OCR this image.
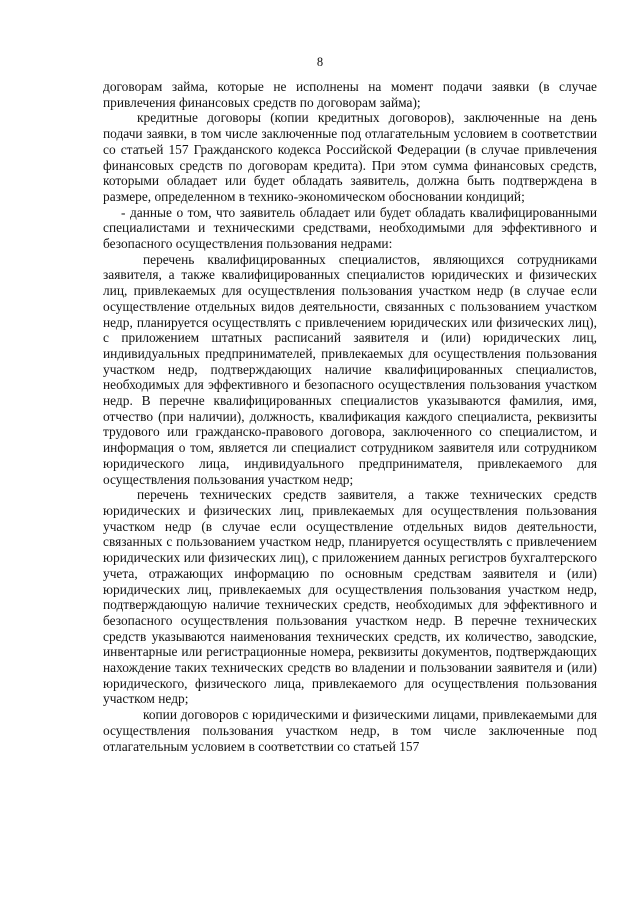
8

договорам займа, которые не исполнены на момент подачи заявки (в случае привлечения финансовых средств по договорам займа);

кредитные договоры (копии кредитных договоров), заключенные на день подачи заявки, в том числе заключенные под отлагательным условием в соответствии со статьей 157 Гражданского кодекса Российской Федерации (в случае привлечения финансовых средств по договорам кредита). При этом сумма финансовых средств, которыми обладает или будет обладать заявитель, должна быть подтверждена в размере, определенном в технико-экономическом обосновании кондиций;

- данные о том, что заявитель обладает или будет обладать квалифицированными специалистами и техническими средствами, необходимыми для эффективного и безопасного осуществления пользования недрами:

перечень квалифицированных специалистов, являющихся сотрудниками заявителя, а также квалифицированных специалистов юридических и физических лиц, привлекаемых для осуществления пользования участком недр (в случае если осуществление отдельных видов деятельности, связанных с пользованием участком недр, планируется осуществлять с привлечением юридических или физических лиц), с приложением штатных расписаний заявителя и (или) юридических лиц, индивидуальных предпринимателей, привлекаемых для осуществления пользования участком недр, подтверждающих наличие квалифицированных специалистов, необходимых для эффективного и безопасного осуществления пользования участком недр. В перечне квалифицированных специалистов указываются фамилия, имя, отчество (при наличии), должность, квалификация каждого специалиста, реквизиты трудового или гражданско-правового договора, заключенного со специалистом, и информация о том, является ли специалист сотрудником заявителя или сотрудником юридического лица, индивидуального предпринимателя, привлекаемого для осуществления пользования участком недр;

перечень технических средств заявителя, а также технических средств юридических и физических лиц, привлекаемых для осуществления пользования участком недр (в случае если осуществление отдельных видов деятельности, связанных с пользованием участком недр, планируется осуществлять с привлечением юридических или физических лиц), с приложением данных регистров бухгалтерского учета, отражающих информацию по основным средствам заявителя и (или) юридических лиц, привлекаемых для осуществления пользования участком недр, подтверждающую наличие технических средств, необходимых для эффективного и безопасного осуществления пользования участком недр. В перечне технических средств указываются наименования технических средств, их количество, заводские, инвентарные или регистрационные номера, реквизиты документов, подтверждающих нахождение таких технических средств во владении и пользовании заявителя и (или) юридического, физического лица, привлекаемого для осуществления пользования участком недр;

копии договоров с юридическими и физическими лицами, привлекаемыми для осуществления пользования участком недр, в том числе заключенные под отлагательным условием в соответствии со статьей 157
